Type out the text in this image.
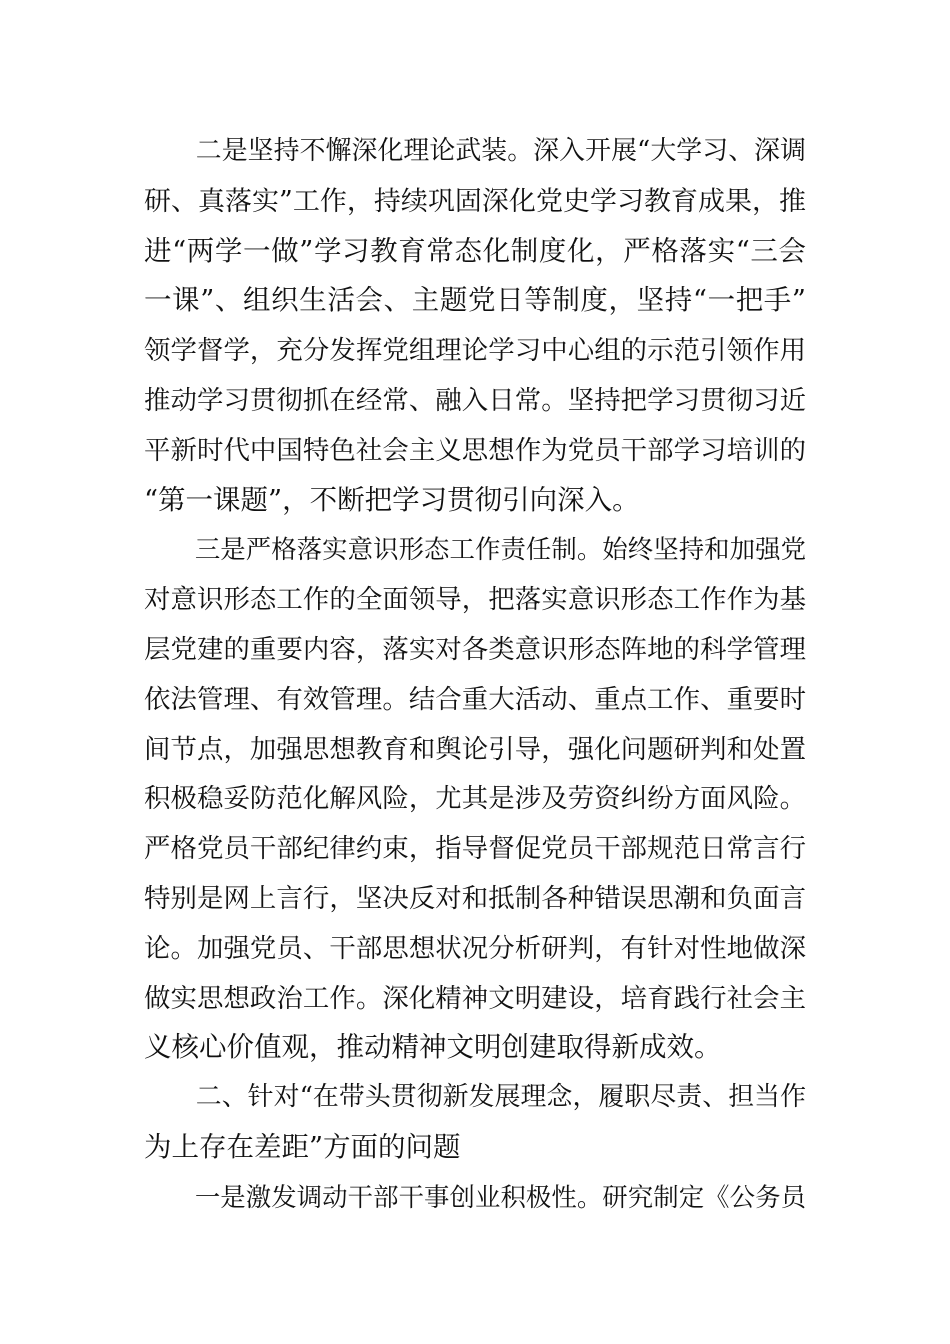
二是坚持不懈深化理论武装。深入开展“大学习、深调
研、真落实”工作，持续巩固深化党史学习教育成果，推
进“两学一做”学习教育常态化制度化，严格落实“三会
一课”、组织生活会、主题党日等制度，坚持“一把手”
领学督学，充分发挥党组理论学习中心组的示范引领作用
推动学习贯彻抓在经常、融入日常。坚持把学习贯彻习近
平新时代中国特色社会主义思想作为党员干部学习培训的
“第一课题”，不断把学习贯彻引向深入。

三是严格落实意识形态工作责任制。始终坚持和加强党
对意识形态工作的全面领导，把落实意识形态工作作为基
层党建的重要内容，落实对各类意识形态阵地的科学管理
依法管理、有效管理。结合重大活动、重点工作、重要时
间节点，加强思想教育和舆论引导，强化问题研判和处置
积极稳妥防范化解风险，尤其是涉及劳资纠纷方面风险。
严格党员干部纪律约束，指导督促党员干部规范日常言行
特别是网上言行，坚决反对和抵制各种错误思潮和负面言
论。加强党员、干部思想状况分析研判，有针对性地做深
做实思想政治工作。深化精神文明建设，培育践行社会主
义核心价值观，推动精神文明创建取得新成效。

二、针对“在带头贯彻新发展理念，履职尽责、担当作
为上存在差距”方面的问题

一是激发调动干部干事创业积极性。研究制定《公务员
